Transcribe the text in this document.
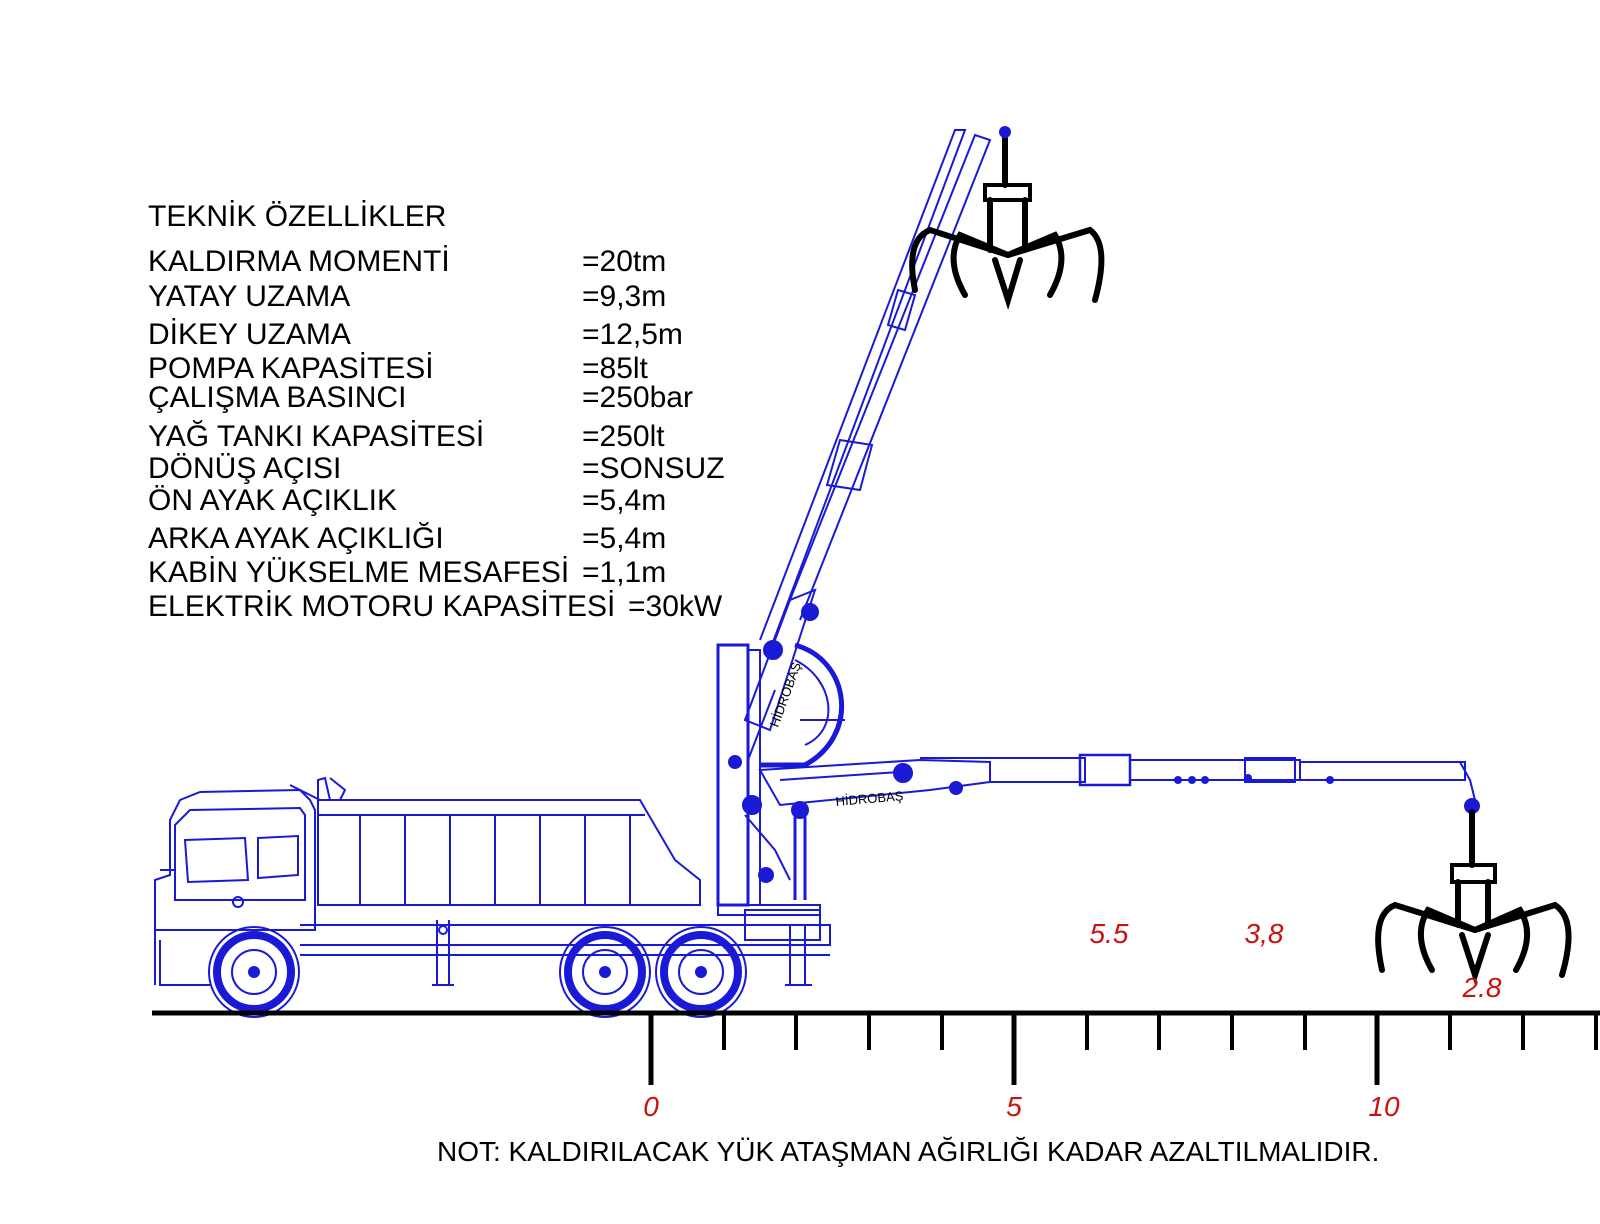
0	5	10
5.5	3,8
2.8
HİDROBAŞ
HİDROBAŞ
TEKNİK ÖZELLİKLER
KALDIRMA MOMENTİ	=20tm
YATAY UZAMA	=9,3m
DİKEY UZAMA	=12,5m
POMPA KAPASİTESİ	=85lt
ÇALIŞMA BASINCI	=250bar
YAĞ TANKI KAPASİTESİ	=250lt
DÖNÜŞ AÇISI	=SONSUZ
ÖN AYAK AÇIKLIK	=5,4m
ARKA AYAK AÇIKLIĞI	=5,4m
KABİN YÜKSELME MESAFESİ =1,1m
ELEKTRİK MOTORU KAPASİTESİ =30kW
NOT: KALDIRILACAK YÜK ATAŞMAN AĞIRLIĞI KADAR AZALTILMALIDIR.
